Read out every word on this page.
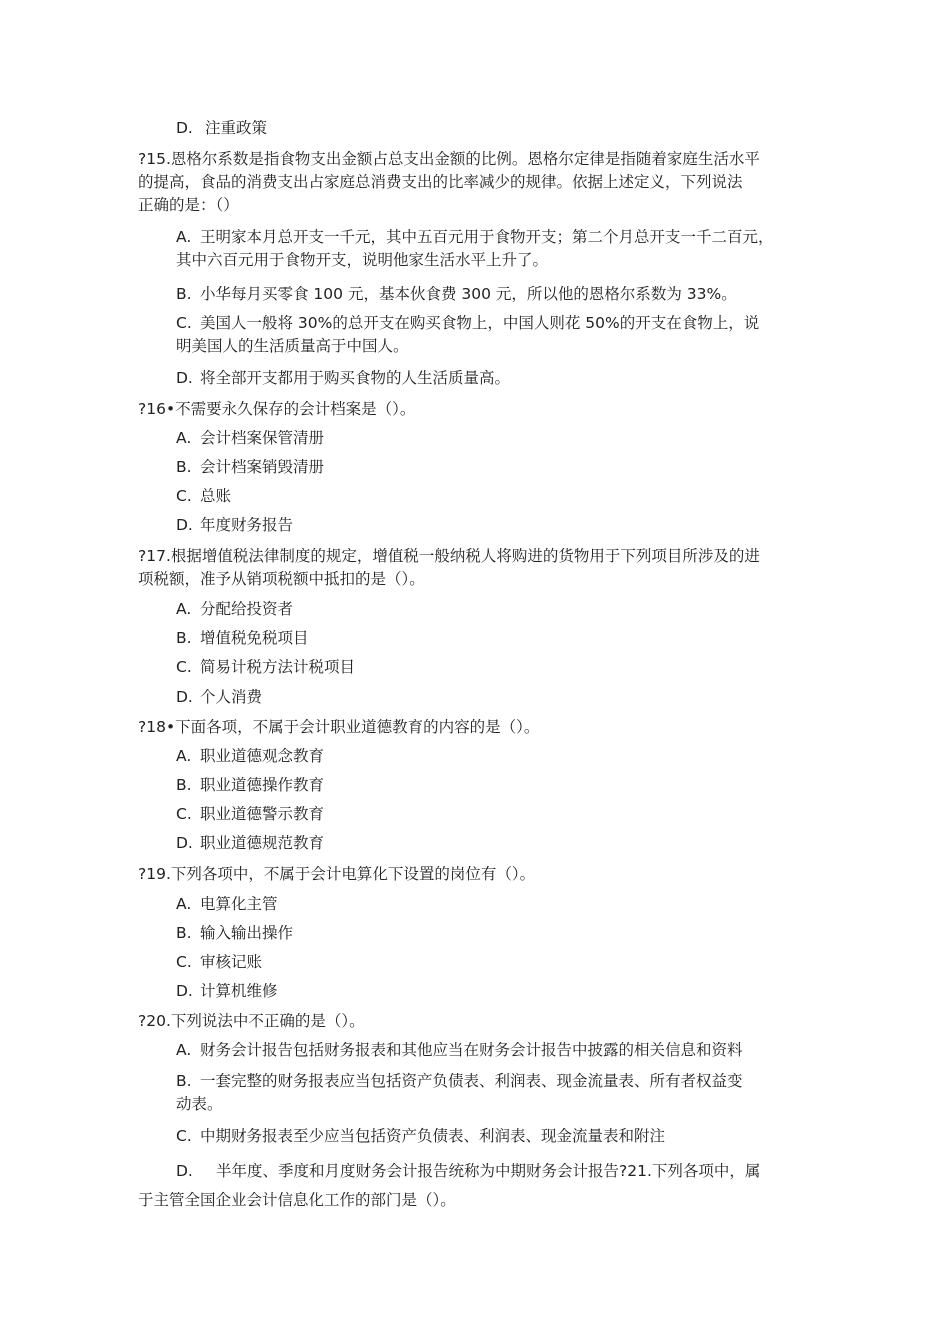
D. 注重政策
?15.恩格尔系数是指食物支出金额占总支出金额的比例。恩格尔定律是指随着家庭生活水平
的提高，食品的消费支出占家庭总消费支出的比率减少的规律。依据上述定义，下列说法
正确的是：（）
A. 王明家本月总开支一千元，其中五百元用于食物开支；第二个月总开支一千二百元，
其中六百元用于食物开支，说明他家生活水平上升了。
B. 小华每月买零食 100 元，基本伙食费 300 元，所以他的恩格尔系数为 33%。
C. 美国人一般将 30%的总开支在购买食物上，中国人则花 50%的开支在食物上，说
明美国人的生活质量高于中国人。
D. 将全部开支都用于购买食物的人生活质量高。
?16•不需要永久保存的会计档案是（）。
A. 会计档案保管清册
B. 会计档案销毁清册
C. 总账
D. 年度财务报告
?17.根据增值税法律制度的规定，增值税一般纳税人将购进的货物用于下列项目所涉及的进
项税额，准予从销项税额中抵扣的是（）。
A. 分配给投资者
B. 增值税免税项目
C. 简易计税方法计税项目
D. 个人消费
?18•下面各项，不属于会计职业道德教育的内容的是（）。
A. 职业道德观念教育
B. 职业道德操作教育
C. 职业道德警示教育
D. 职业道德规范教育
?19.下列各项中，不属于会计电算化下设置的岗位有（）。
A. 电算化主管
B. 输入输出操作
C. 审核记账
D. 计算机维修
?20.下列说法中不正确的是（）。
A. 财务会计报告包括财务报表和其他应当在财务会计报告中披露的相关信息和资料
B. 一套完整的财务报表应当包括资产负债表、利润表、现金流量表、所有者权益变
动表。
C. 中期财务报表至少应当包括资产负债表、利润表、现金流量表和附注
D. 半年度、季度和月度财务会计报告统称为中期财务会计报告?21.下列各项中，属
于主管全国企业会计信息化工作的部门是（）。
